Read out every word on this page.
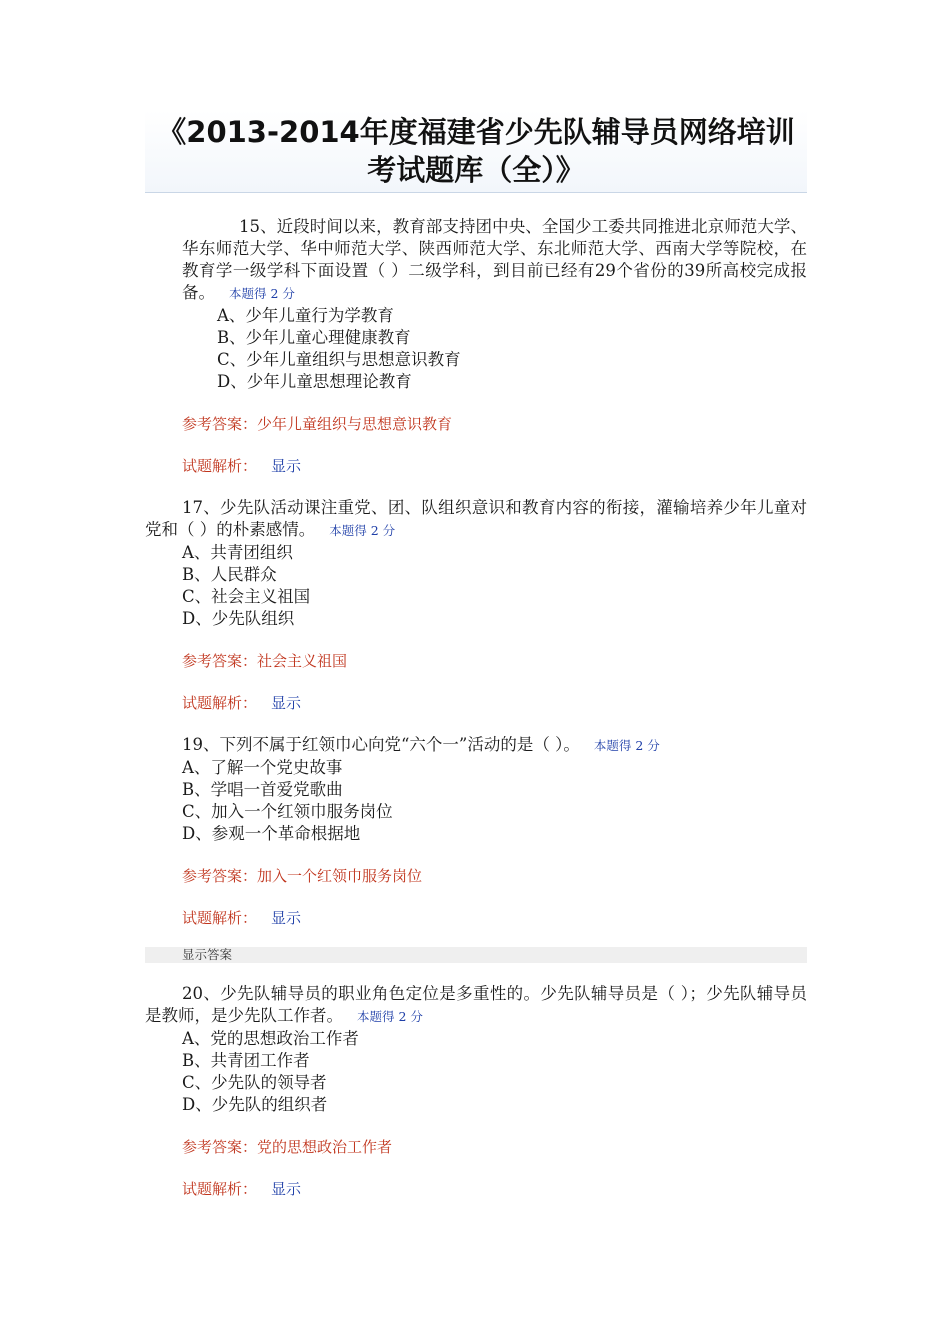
《2013-2014年度福建省少先队辅导员网络培训考试题库（全）》

15、近段时间以来，教育部支持团中央、全国少工委共同推进北京师范大学、华东师范大学、华中师范大学、陕西师范大学、东北师范大学、西南大学等院校，在教育学一级学科下面设置（ ）二级学科，到目前已经有29个省份的39所高校完成报备。 本题得 2 分

A、少年儿童行为学教育
B、少年儿童心理健康教育
C、少年儿童组织与思想意识教育
D、少年儿童思想理论教育
参考答案：少年儿童组织与思想意识教育
试题解析： 显示

17、少先队活动课注重党、团、队组织意识和教育内容的衔接，灌输培养少年儿童对党和（ ）的朴素感情。 本题得 2 分

A、共青团组织
B、人民群众
C、社会主义祖国
D、少先队组织
参考答案：社会主义祖国
试题解析： 显示

19、下列不属于红领巾心向党“六个一”活动的是（ ）。 本题得 2 分

A、了解一个党史故事
B、学唱一首爱党歌曲
C、加入一个红领巾服务岗位
D、参观一个革命根据地
参考答案：加入一个红领巾服务岗位
试题解析： 显示
显示答案

20、少先队辅导员的职业角色定位是多重性的。少先队辅导员是（ ）；少先队辅导员是教师，是少先队工作者。 本题得 2 分

A、党的思想政治工作者
B、共青团工作者
C、少先队的领导者
D、少先队的组织者
参考答案：党的思想政治工作者
试题解析： 显示
